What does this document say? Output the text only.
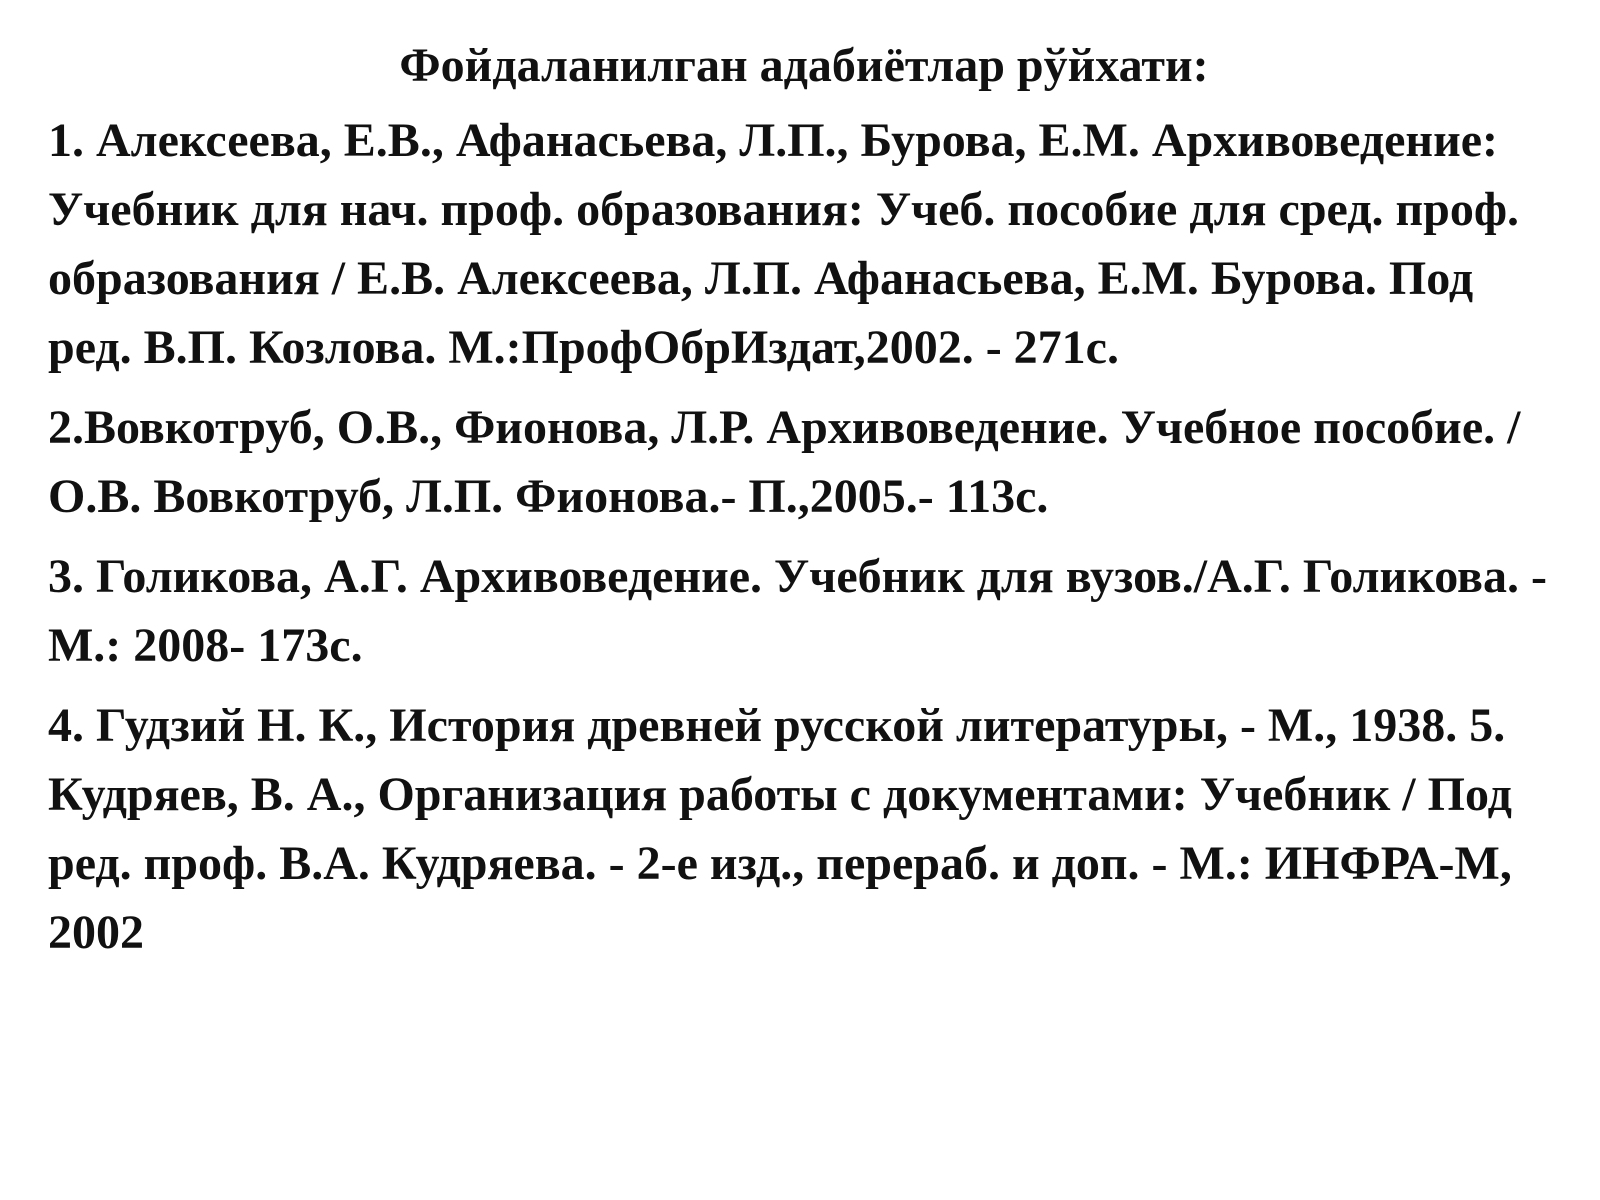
Фойдаланилган адабиётлар рўйхати:
1. Алексеева, Е.В., Афанасьева, Л.П., Бурова, Е.М. Архивоведение: Учебник для нач. проф. образования: Учеб. пособие для сред. проф. образования / Е.В. Алексеева, Л.П. Афанасьева, Е.М. Бурова. Под ред. В.П. Козлова. М.:ПрофОбрИздат,2002. - 271с.
2.Вовкотруб, О.В., Фионова, Л.Р. Архивоведение. Учебное пособие. /О.В. Вовкотруб, Л.П. Фионова.- П.,2005.- 113с.
3. Голикова, А.Г. Архивоведение. Учебник для вузов./А.Г. Голикова. - М.: 2008- 173с.
4. Гудзий Н. К., История древней русской литературы, - М., 1938. 5. Кудряев, В. А., Организация работы с документами: Учебник / Под ред. проф. В.А. Кудряева. - 2-е изд., перераб. и доп. - М.: ИНФРА-М, 2002
